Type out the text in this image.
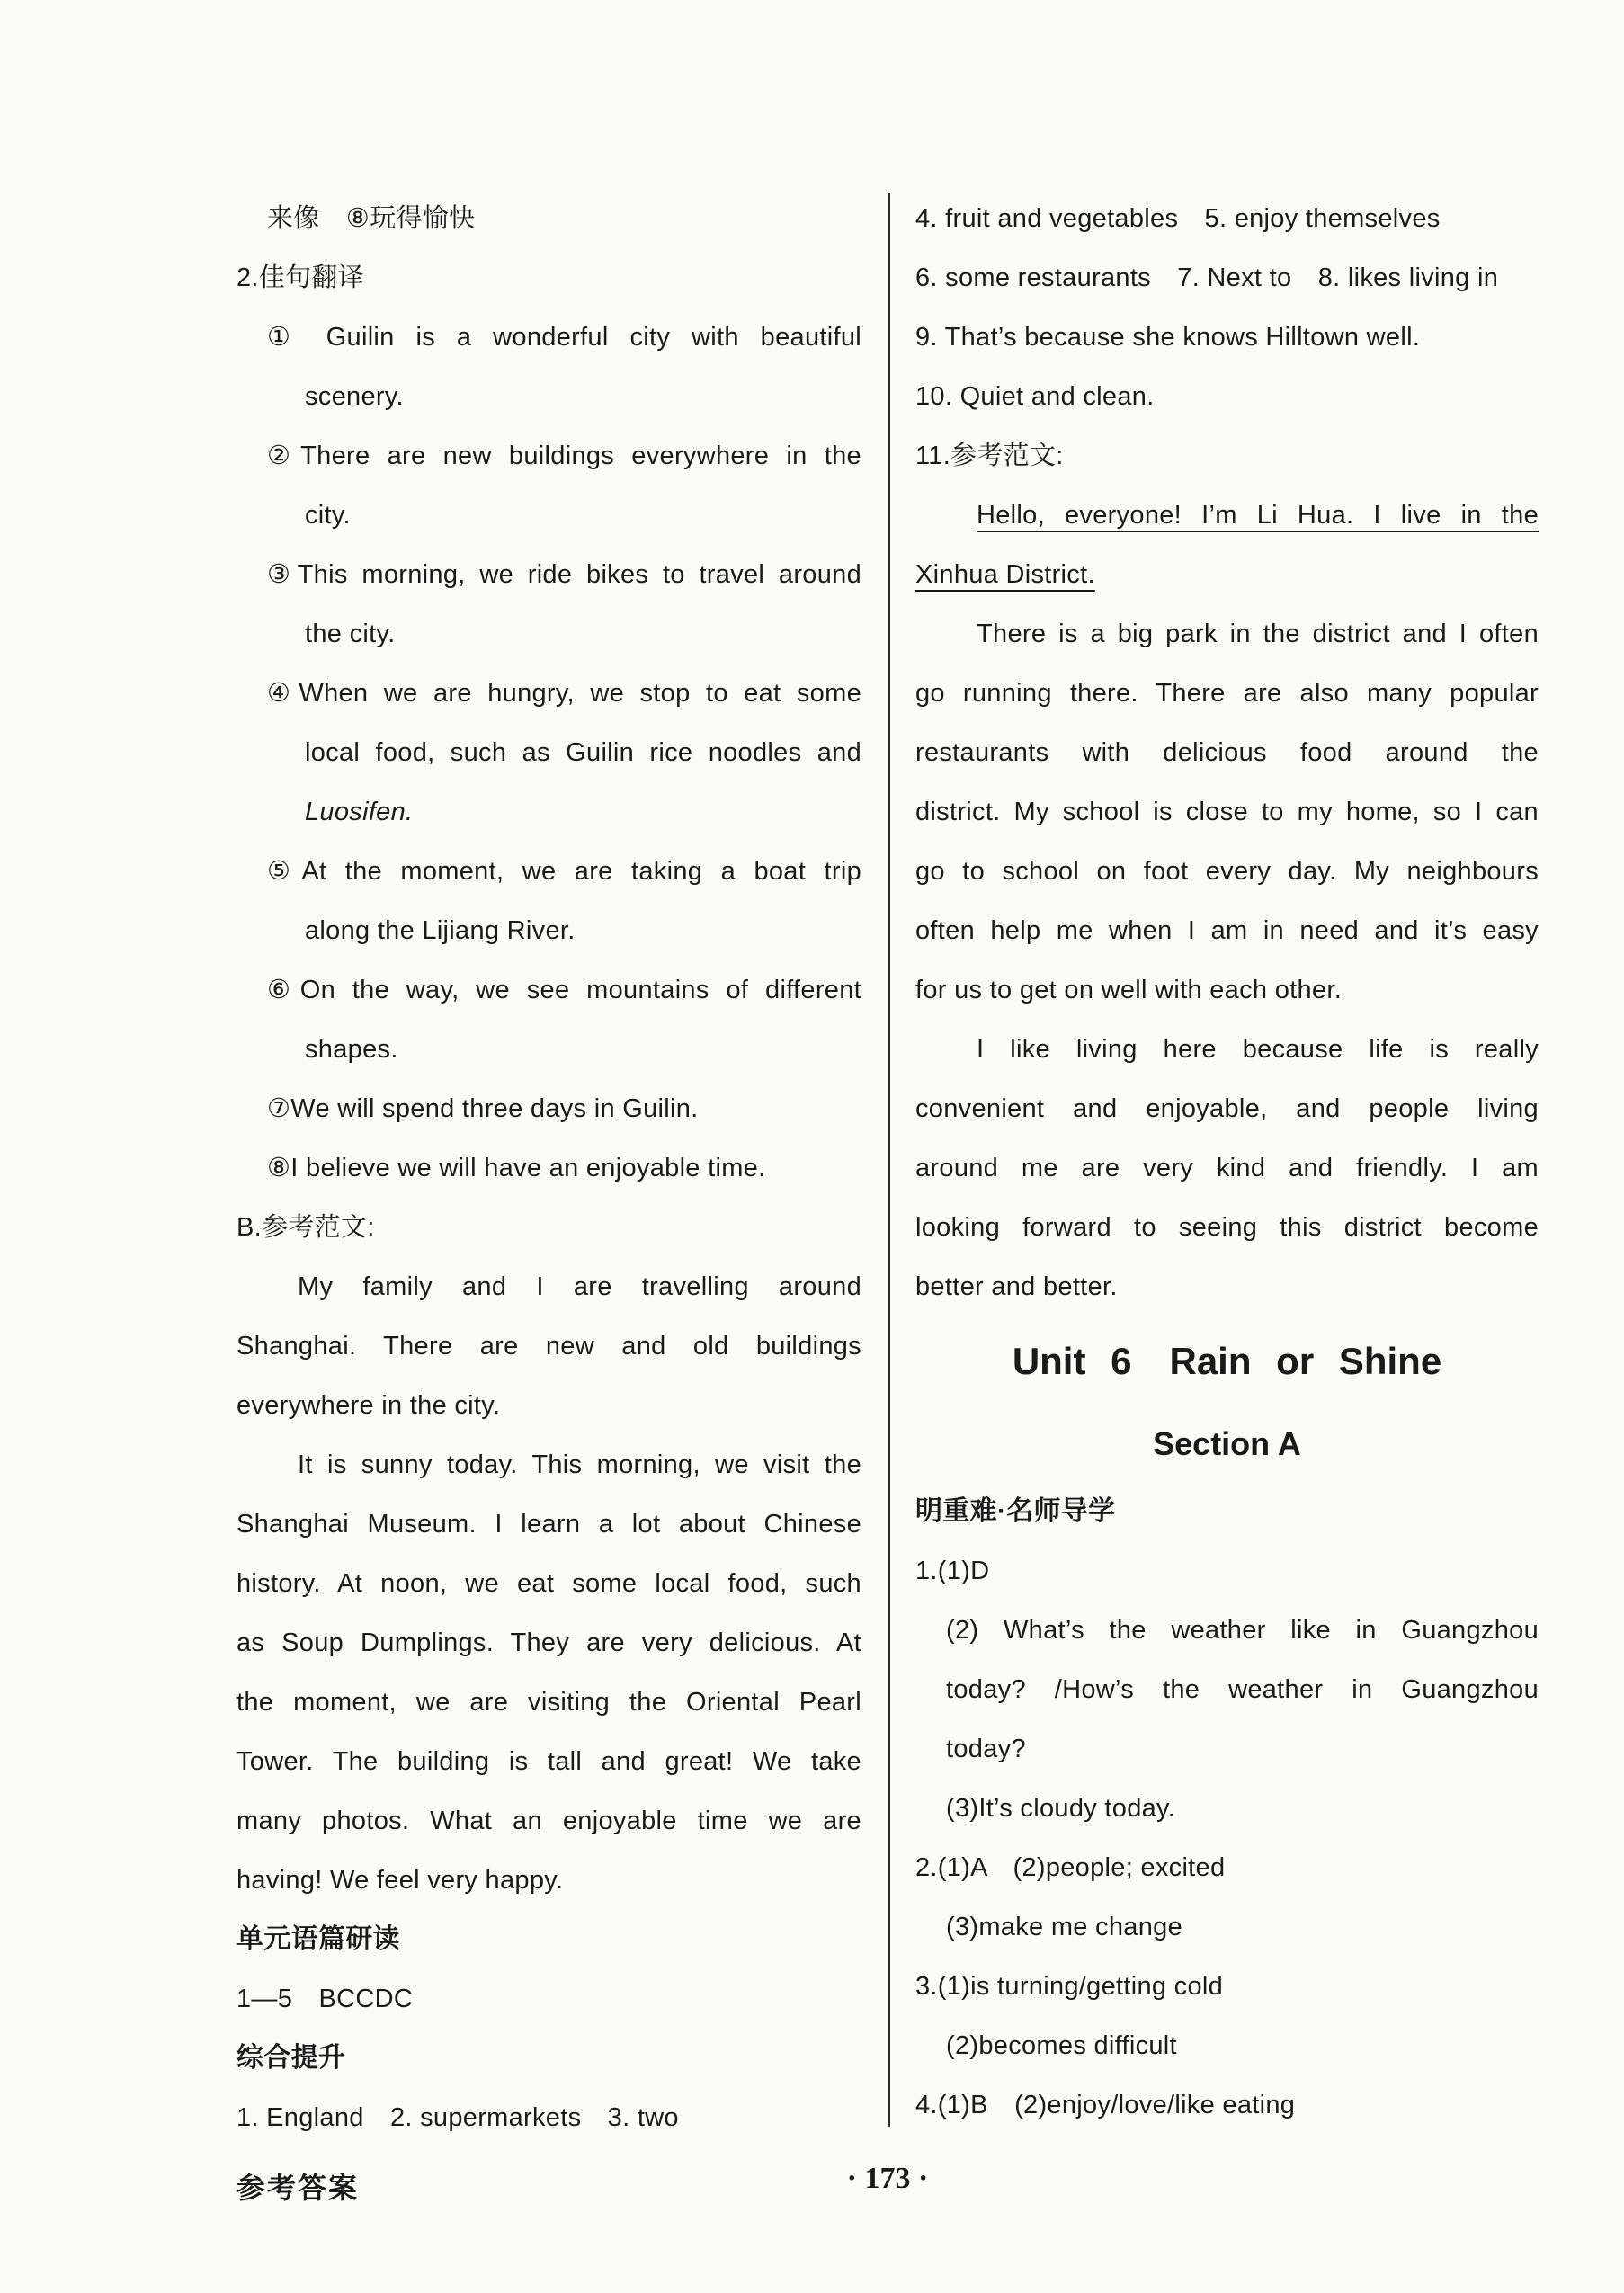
来像　⑧玩得愉快
2.佳句翻译
① Guilin is a wonderful city with beautiful
scenery.
②There are new buildings everywhere in the
city.
③This morning, we ride bikes to travel around
the city.
④When we are hungry, we stop to eat some
local food, such as Guilin rice noodles and
Luosifen.
⑤At the moment, we are taking a boat trip
along the Lijiang River.
⑥On the way, we see mountains of different
shapes.
⑦We will spend three days in Guilin.
⑧I believe we will have an enjoyable time.
B.参考范文:
My family and I are travelling around
Shanghai. There are new and old buildings
everywhere in the city.
It is sunny today. This morning, we visit the
Shanghai Museum. I learn a lot about Chinese
history. At noon, we eat some local food, such
as Soup Dumplings. They are very delicious. At
the moment, we are visiting the Oriental Pearl
Tower. The building is tall and great! We take
many photos. What an enjoyable time we are
having! We feel very happy.
单元语篇研读
1—5　BCCDC
综合提升
1. England　2. supermarkets　3. two
4. fruit and vegetables　5. enjoy themselves
6. some restaurants　7. Next to　8. likes living in
9. That’s because she knows Hilltown well.
10. Quiet and clean.
11.参考范文:
Hello, everyone! I’m Li Hua. I live in the
Xinhua District.
There is a big park in the district and I often
go running there. There are also many popular
restaurants with delicious food around the
district. My school is close to my home, so I can
go to school on foot every day. My neighbours
often help me when I am in need and it’s easy
for us to get on well with each other.
I like living here because life is really
convenient and enjoyable, and people living
around me are very kind and friendly. I am
looking forward to seeing this district become
better and better.
Unit 6　Rain or Shine
Section A
明重难·名师导学
1.(1)D
(2) What’s the weather like in Guangzhou
today? /How’s the weather in Guangzhou
today?
(3)It’s cloudy today.
2.(1)A　(2)people; excited
(3)make me change
3.(1)is turning/getting cold
(2)becomes difficult
4.(1)B　(2)enjoy/love/like eating
参考答案	· 173 ·
